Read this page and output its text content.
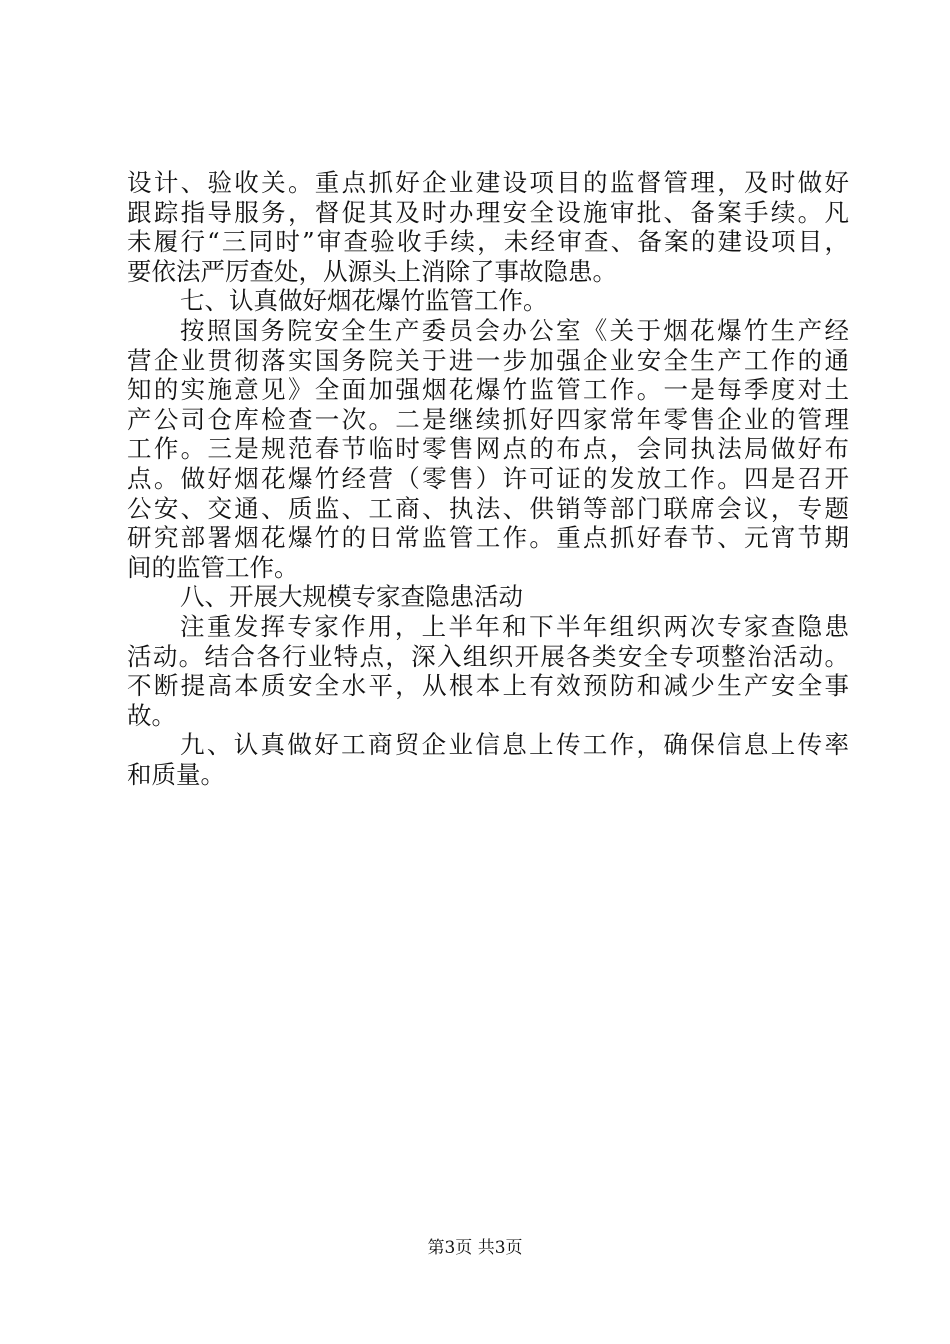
设计、验收关。重点抓好企业建设项目的监督管理，及时做好
跟踪指导服务，督促其及时办理安全设施审批、备案手续。凡
未履行“三同时”审查验收手续，未经审查、备案的建设项目，
要依法严厉查处，从源头上消除了事故隐患。
七、认真做好烟花爆竹监管工作。
按照国务院安全生产委员会办公室《关于烟花爆竹生产经
营企业贯彻落实国务院关于进一步加强企业安全生产工作的通
知的实施意见》全面加强烟花爆竹监管工作。一是每季度对土
产公司仓库检查一次。二是继续抓好四家常年零售企业的管理
工作。三是规范春节临时零售网点的布点，会同执法局做好布
点。做好烟花爆竹经营（零售）许可证的发放工作。四是召开
公安、交通、质监、工商、执法、供销等部门联席会议，专题
研究部署烟花爆竹的日常监管工作。重点抓好春节、元宵节期
间的监管工作。
八、开展大规模专家查隐患活动
注重发挥专家作用，上半年和下半年组织两次专家查隐患
活动。结合各行业特点，深入组织开展各类安全专项整治活动。
不断提高本质安全水平，从根本上有效预防和减少生产安全事
故。
九、认真做好工商贸企业信息上传工作，确保信息上传率
和质量。
第3页 共3页
